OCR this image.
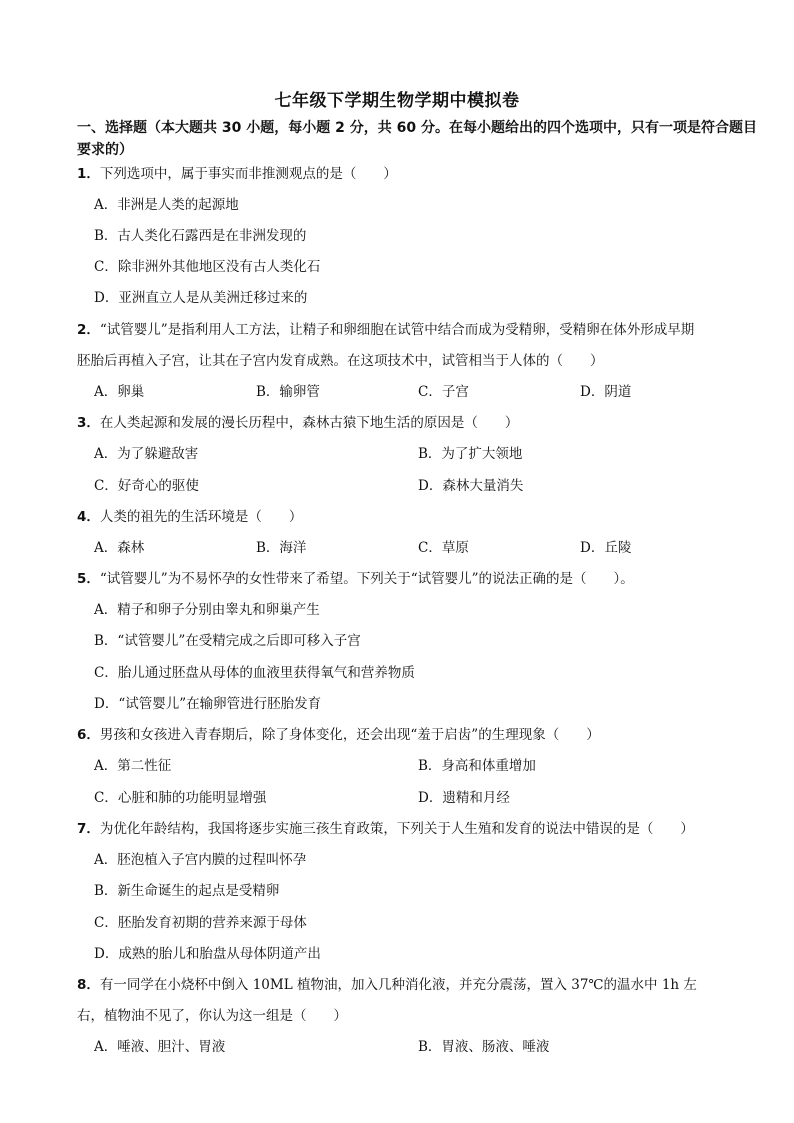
七年级下学期生物学期中模拟卷
一、选择题（本大题共 30 小题，每小题 2 分，共 60 分。在每小题给出的四个选项中，只有一项是符合题目要求的）
1．下列选项中，属于事实而非推测观点的是（　　）
A．非洲是人类的起源地
B．古人类化石露西是在非洲发现的
C．除非洲外其他地区没有古人类化石
D．亚洲直立人是从美洲迁移过来的
2．“试管婴儿”是指利用人工方法，让精子和卵细胞在试管中结合而成为受精卵，受精卵在体外形成早期
胚胎后再植入子宫，让其在子宫内发育成熟。在这项技术中，试管相当于人体的（　　）
A．卵巢	B．输卵管	C．子宫	D．阴道
3．在人类起源和发展的漫长历程中，森林古猿下地生活的原因是（　　）
A．为了躲避敌害	B．为了扩大领地
C．好奇心的驱使	D．森林大量消失
4．人类的祖先的生活环境是（　　）
A．森林	B．海洋	C．草原	D．丘陵
5．“试管婴儿”为不易怀孕的女性带来了希望。下列关于“试管婴儿”的说法正确的是（　　）。
A．精子和卵子分别由睾丸和卵巢产生
B．“试管婴儿”在受精完成之后即可移入子宫
C．胎儿通过胚盘从母体的血液里获得氧气和营养物质
D．“试管婴儿”在输卵管进行胚胎发育
6．男孩和女孩进入青春期后，除了身体变化，还会出现“羞于启齿”的生理现象（　　）
A．第二性征	B．身高和体重增加
C．心脏和肺的功能明显增强	D．遗精和月经
7．为优化年龄结构，我国将逐步实施三孩生育政策，下列关于人生殖和发育的说法中错误的是（　　）
A．胚泡植入子宫内膜的过程叫怀孕
B．新生命诞生的起点是受精卵
C．胚胎发育初期的营养来源于母体
D．成熟的胎儿和胎盘从母体阴道产出
8．有一同学在小烧杯中倒入 10ML 植物油，加入几种消化液，并充分震荡，置入 37℃的温水中 1h 左
右，植物油不见了，你认为这一组是（　　）
A．唾液、胆汁、胃液	B．胃液、肠液、唾液
